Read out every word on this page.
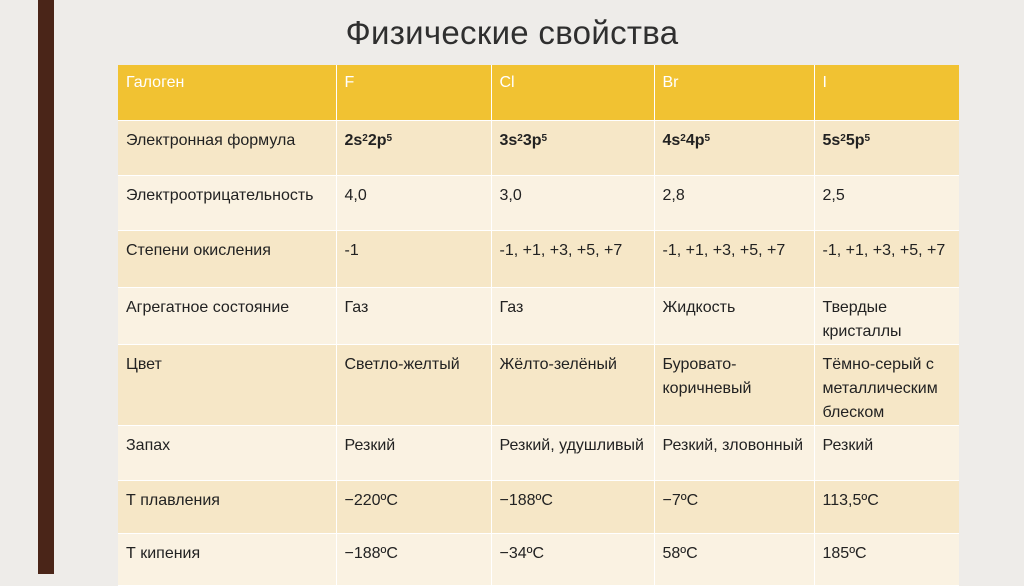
Физические свойства
Галоген	F	Cl	Br	I
Электронная формула	$2s^22p^5$	$3s^23p^5$	$4s^24p^5$	$5s^25p^5$
Электроотрицательность	4,0	3,0	2,8	2,5
Степени окисления	-1	-1, +1, +3, +5, +7	-1, +1, +3, +5, +7	-1, +1, +3, +5, +7
Агрегатное состояние	Газ	Газ	Жидкость	Твердые кристаллы
Цвет	Светло-желтый	Жёлто-зелёный	Буровато-коричневый	Тёмно-серый с металлическим блеском
Запах	Резкий	Резкий, удушливый	Резкий, зловонный	Резкий
Т плавления	−220ºC	−188ºC	−7ºC	113,5ºC
Т кипения	−188ºC	−34ºC	58ºC	185ºC
